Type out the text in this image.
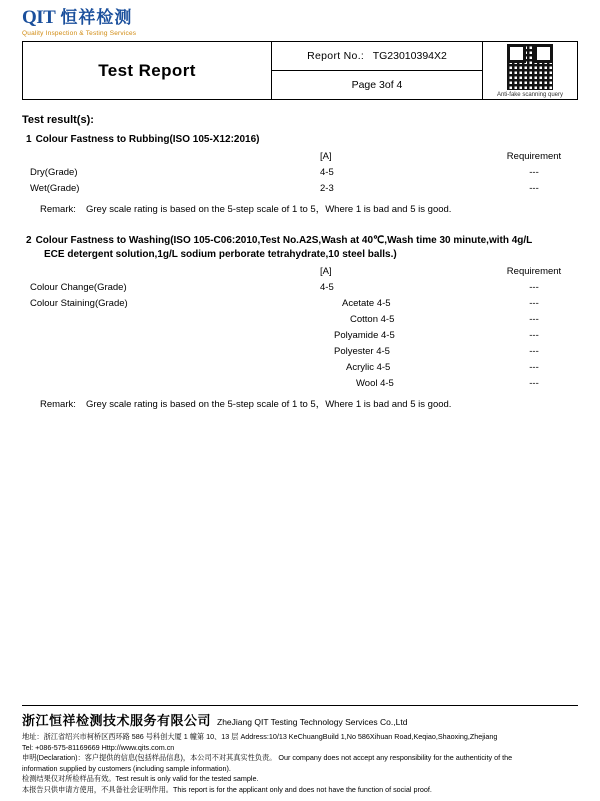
QIT 恒祥检测
Quality Inspection & Testing Services
Test Report	Report No.: TG23010394X2	
Anti-fake scanning query

Page 3of 4
Test result(s):
1 Colour Fastness to Rubbing(ISO 105-X12:2016)
	[A]	Requirement
Dry(Grade)	4-5	---
Wet(Grade)	2-3	---
Remark: Grey scale rating is based on the 5-step scale of 1 to 5，Where 1 is bad and 5 is good.
2 Colour Fastness to Washing(ISO 105-C06:2010,Test No.A2S,Wash at 40℃,Wash time 30 minute,with 4g/L
ECE detergent solution,1g/L sodium perborate tetrahydrate,10 steel balls.)
	[A]	Requirement
Colour Change(Grade)	4-5	---
Colour Staining(Grade)	Acetate 4-5	---
	Cotton 4-5	---
	Polyamide 4-5	---
	Polyester 4-5	---
	Acrylic 4-5	---
	Wool 4-5	---
Remark: Grey scale rating is based on the 5-step scale of 1 to 5，Where 1 is bad and 5 is good.
浙江恒祥检测技术服务有限公司 ZheJiang QIT Testing Technology Services Co.,Ltd
地址：浙江省绍兴市柯桥区西环路 586 号科创大厦 1 幢第 10、13 层 Address:10/13 KeChuangBuild 1,No 586Xihuan Road,Keqiao,Shaoxing,Zhejiang
Tel: +086-575-81169669 Http://www.qits.com.cn
申明(Declaration)：客户提供的信息(包括样品信息)，本公司不对其真实性负责。 Our company does not accept any responsibility for the authenticity of the
information supplied by customers (including sample information).
检测结果仅对所检样品有效。Test result is only valid for the tested sample.
本报告只供申请方使用，不具备社会证明作用。This report is for the applicant only and does not have the function of social proof.
